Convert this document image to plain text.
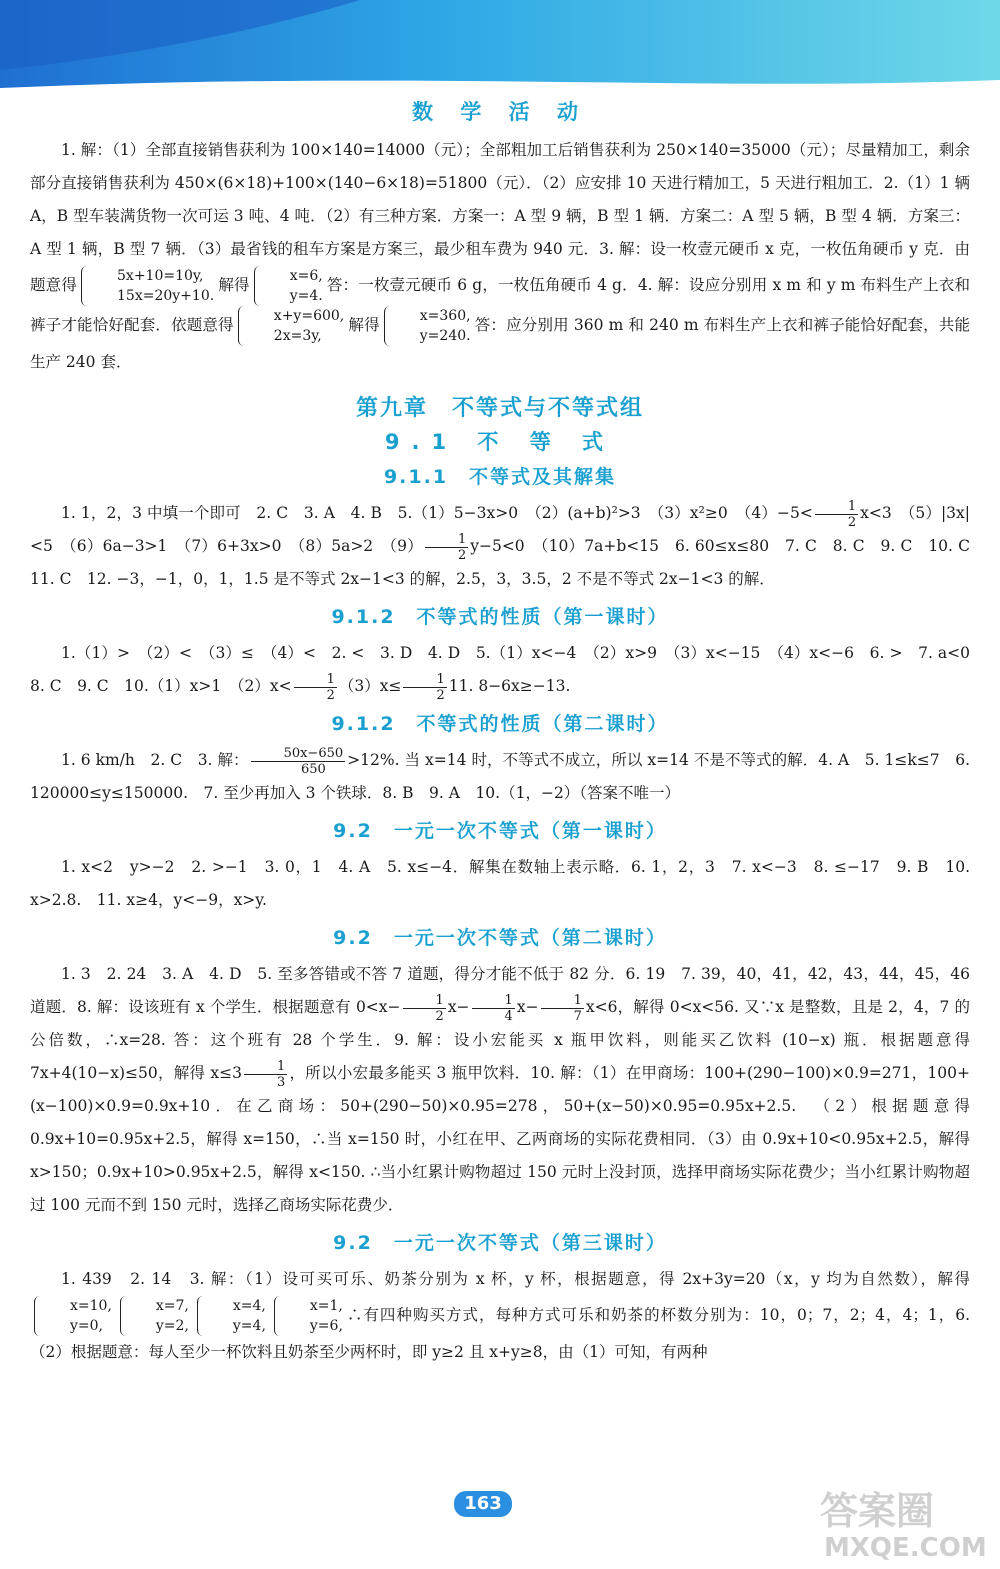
数 学 活 动

1. 解：（1）全部直接销售获利为 100×140=14000（元）；全部粗加工后销售获利为 250×140=35000（元）；尽量精加工，剩余部分直接销售获利为 450×(6×18)+100×(140−6×18)=51800（元）．（2）应安排 10 天进行精加工，5 天进行粗加工．2.（1）1 辆 A，B 型车装满货物一次可运 3 吨、4 吨．（2）有三种方案．方案一：A 型 9 辆，B 型 1 辆．方案二：A 型 5 辆，B 型 4 辆．方案三：A 型 1 辆，B 型 7 辆．（3）最省钱的租车方案是方案三，最少租车费为 940 元．3. 解：设一枚壹元硬币 x 克，一枚伍角硬币 y 克．由题意得	5x+10=10y,
15x=20y+10.
解得	x=6,
y=4.
答：一枚壹元硬币 6 g，一枚伍角硬币 4 g．4. 解：设应分别用 x m 和 y m 布料生产上衣和裤子才能恰好配套．依题意得	x+y=600,
2x=3y,
解得	x=360,
y=240.
答：应分别用 360 m 和 240 m 布料生产上衣和裤子能恰好配套，共能生产 240 套．

第九章　不等式与不等式组
9.1 不 等 式
9.1.1　不等式及其解集

1. 1，2，3 中填一个即可　2. C　3. A　4. B　5.（1）5−3x>0　（2）(a+b)²>3　（3）x²≥0　$(4)-5< \frac{1}{2} x<3$　（5）|3x|<5　（6）6a−3>1　（7）6+3x>0　（8）5a>2　$(9) \frac{1}{2} y-5<0$　（10）7a+b<15　6. 60≤x≤80　7. C　8. C　9. C　10. C　11. C　12. −3，−1，0，1，1.5 是不等式 2x−1<3 的解，2.5，3，3.5，2 不是不等式 2x−1<3 的解．

9.1.2　不等式的性质（第一课时）

1.（1）>　（2）<　（3）≤　（4）<　2. <　3. D　4. D　5.（1）x<−4　（2）x>9　（3）x<−15　（4）x<−6　6. >　7. a<0　8. C　9. C　10.（1）x>1　$(2)x< \frac{1}{2} (3)x\le \frac{1}{2} 11$. 8−6x≥−13.

9.1.2　不等式的性质（第二课时）

1. 6 km/h　2. C　3. 解： $\frac{50x-650}{650} >12\%$. 当 x=14 时，不等式不成立，所以 x=14 不是不等式的解．4. A　5. 1≤k≤7　6. 120000≤y≤150000.　7. 至少再加入 3 个铁球．8. B　9. A　10.（1，−2）（答案不唯一）

9.2　一元一次不等式（第一课时）

1. x<2　y>−2　2. >−1　3. 0，1　4. A　5. x≤−4．解集在数轴上表示略．6. 1，2，3　7. x<−3　8. ≤−17　9. B　10. x>2.8.　11. x≥4，y<−9，x>y.

9.2　一元一次不等式（第二课时）

1. 3　2. 24　3. A　4. D　5. 至多答错或不答 7 道题，得分才能不低于 82 分．6. 19　7. 39，40，41，42，43，44，45，46 道题．8. 解：设该班有 x 个学生．根据题意有 $0<x- \frac{1}{2} x- \frac{1}{4} x- \frac{1}{7} x<6$，解得 0<x<56. 又∵x 是整数，且是 2，4，7 的公倍数，∴x=28. 答：这个班有 28 个学生．9. 解：设小宏能买 x 瓶甲饮料，则能买乙饮料 (10−x) 瓶．根据题意得 7x+4(10−x)≤50，解得 $x\le 3 \frac{1}{3}$ ，所以小宏最多能买 3 瓶甲饮料．10. 解：（1）在甲商场：100+(290−100)×0.9=271，100+(x−100)×0.9=0.9x+10．在乙商场：50+(290−50)×0.95=278，50+(x−50)×0.95=0.95x+2.5.　（2）根据题意得 0.9x+10=0.95x+2.5，解得 x=150，∴当 x=150 时，小红在甲、乙两商场的实际花费相同．（3）由 0.9x+10<0.95x+2.5，解得 x>150；0.9x+10>0.95x+2.5，解得 x<150. ∴当小红累计购物超过 150 元时上没封顶，选择甲商场实际花费少；当小红累计购物超过 100 元而不到 150 元时，选择乙商场实际花费少．

9.2　一元一次不等式（第三课时）

1. 439　2. 14　3. 解：（1）设可买可乐、奶茶分别为 x 杯，y 杯，根据题意，得 2x+3y=20（x，y 均为自然数），解得
x=10,
y=0,
x=7,
y=2,
x=4,
y=4,
x=1,
y=6,
∴有四种购买方式，每种方式可乐和奶茶的杯数分别为：10，0；7，2；4，4；1，6.　（2）根据题意：每人至少一杯饮料且奶茶至少两杯时，即 y≥2 且 x+y≥8，由（1）可知，有两种

163	答案圈
MXQE.COM
